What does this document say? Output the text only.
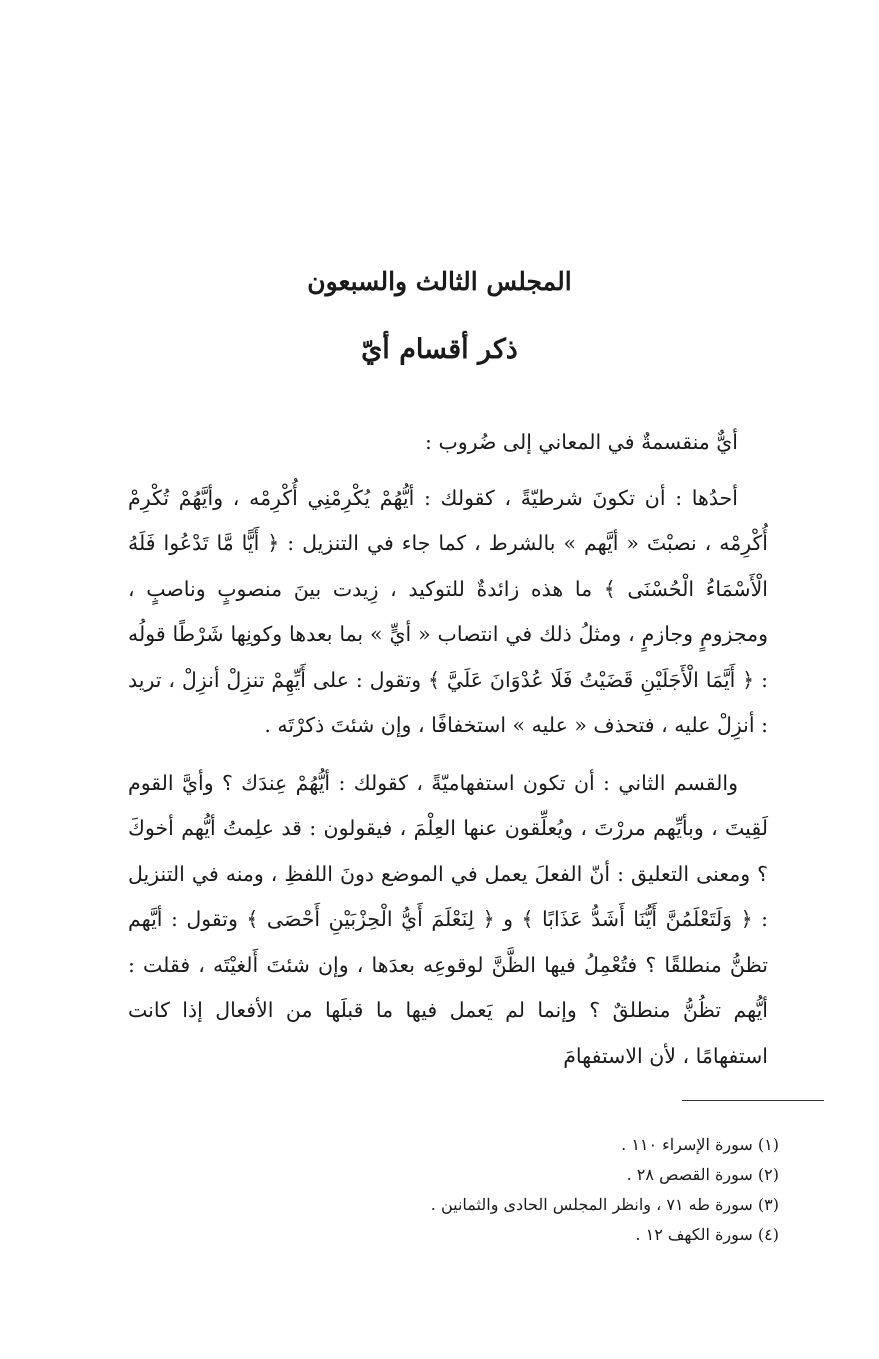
المجلس الثالث والسبعون
ذكر أقسام أيّ

أيٌّ منقسمةٌ في المعاني إلى ضُروب :

أحدُها : أن تكونَ شرطيّةً ، كقولك : أيُّهُمْ يُكْرِمْنِي أُكْرِمْه ، وأيَّهُمْ تُكْرِمْ أُكْرِمْه ، نصبْتَ « أيَّهم » بالشرط ، كما جاء في التنزيل : ﴿ أَيًّا مَّا تَدْعُوا فَلَهُ الْأَسْمَاءُ الْحُسْنَى ﴾ ما هذه زائدةٌ للتوكيد ، زِيدت بينَ منصوبٍ وناصبٍ ، ومجزومٍ وجازمٍ ، ومثلُ ذلك في انتصاب « أيٍّ » بما بعدها وكونِها شَرْطًا قولُه : ﴿ أَيَّمَا الْأَجَلَيْنِ قَضَيْتُ فَلَا عُدْوَانَ عَلَيَّ ﴾ وتقول : على أَيِّهِمْ تنزِلْ أنزِلْ ، تريد : أنزِلْ عليه ، فتحذف « عليه » استخفافًا ، وإن شئتَ ذكرْتَه .

والقسم الثاني : أن تكون استفهاميّةً ، كقولك : أيُّهُمْ عِندَك ؟ وأيَّ القوم لَقِيتَ ، وبأيِّهم مررْتَ ، ويُعلِّقون عنها العِلْمَ ، فيقولون : قد علِمتُ أيُّهم أخوكَ ؟ ومعنى التعليق : أنّ الفعلَ يعمل في الموضع دونَ اللفظِ ، ومنه في التنزيل : ﴿ وَلَتَعْلَمُنَّ أَيُّنَا أَشَدُّ عَذَابًا ﴾ و ﴿ لِنَعْلَمَ أَيُّ الْحِزْبَيْنِ أَحْصَى ﴾ وتقول : أيَّهم تظنُّ منطلقًا ؟ فتُعْمِلُ فيها الظَّنَّ لوقوعِه بعدَها ، وإن شئتَ أَلغيْتَه ، فقلت : أيُّهم تظُنُّ منطلقٌ ؟ وإنما لم يَعمل فيها ما قبلَها من الأفعال إذا كانت استفهامًا ، لأن الاستفهامَ

(١) سورة الإسراء ١١٠ .

(٢) سورة القصص ٢٨ .

(٣) سورة طه ٧١ ، وانظر المجلس الحادى والثمانين .

(٤) سورة الكهف ١٢ .
